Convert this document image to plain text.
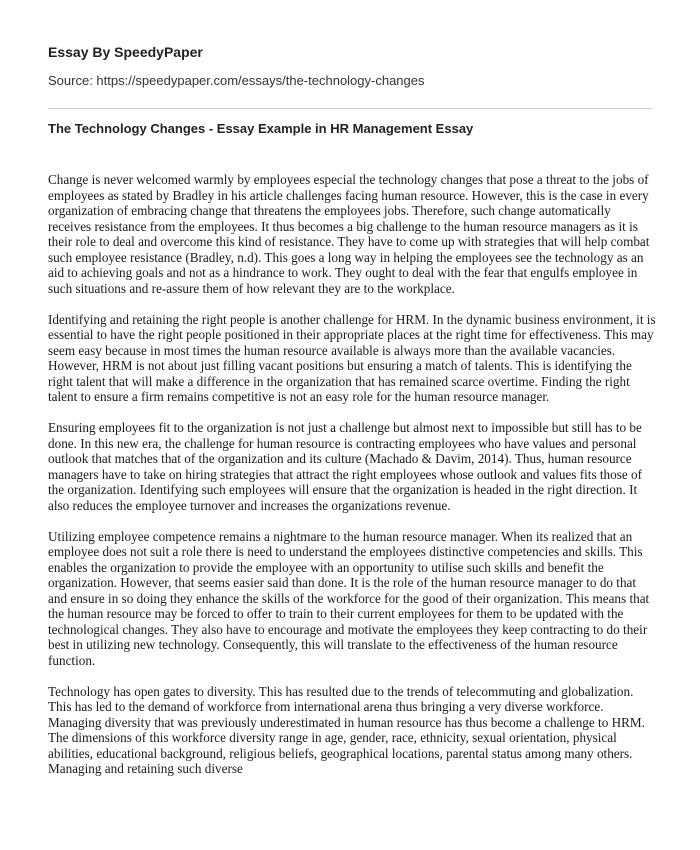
Essay By SpeedyPaper
Source: https://speedypaper.com/essays/the-technology-changes
The Technology Changes - Essay Example in HR Management Essay

Change is never welcomed warmly by employees especial the technology changes that pose a threat to the jobs of employees as stated by Bradley in his article challenges facing human resource. However, this is the case in every organization of embracing change that threatens the employees jobs. Therefore, such change automatically receives resistance from the employees. It thus becomes a big challenge to the human resource managers as it is their role to deal and overcome this kind of resistance. They have to come up with strategies that will help combat such employee resistance (Bradley, n.d). This goes a long way in helping the employees see the technology as an aid to achieving goals and not as a hindrance to work. They ought to deal with the fear that engulfs employee in such situations and re-assure them of how relevant they are to the workplace.

Identifying and retaining the right people is another challenge for HRM. In the dynamic business environment, it is essential to have the right people positioned in their appropriate places at the right time for effectiveness. This may seem easy because in most times the human resource available is always more than the available vacancies. However, HRM is not about just filling vacant positions but ensuring a match of talents. This is identifying the right talent that will make a difference in the organization that has remained scarce overtime. Finding the right talent to ensure a firm remains competitive is not an easy role for the human resource manager.

Ensuring employees fit to the organization is not just a challenge but almost next to impossible but still has to be done. In this new era, the challenge for human resource is contracting employees who have values and personal outlook that matches that of the organization and its culture (Machado & Davim, 2014). Thus, human resource managers have to take on hiring strategies that attract the right employees whose outlook and values fits those of the organization. Identifying such employees will ensure that the organization is headed in the right direction. It also reduces the employee turnover and increases the organizations revenue.

Utilizing employee competence remains a nightmare to the human resource manager. When its realized that an employee does not suit a role there is need to understand the employees distinctive competencies and skills. This enables the organization to provide the employee with an opportunity to utilise such skills and benefit the organization. However, that seems easier said than done. It is the role of the human resource manager to do that and ensure in so doing they enhance the skills of the workforce for the good of their organization. This means that the human resource may be forced to offer to train to their current employees for them to be updated with the technological changes. They also have to encourage and motivate the employees they keep contracting to do their best in utilizing new technology. Consequently, this will translate to the effectiveness of the human resource function.

Technology has open gates to diversity. This has resulted due to the trends of telecommuting and globalization. This has led to the demand of workforce from international arena thus bringing a very diverse workforce. Managing diversity that was previously underestimated in human resource has thus become a challenge to HRM. The dimensions of this workforce diversity range in age, gender, race, ethnicity, sexual orientation, physical abilities, educational background, religious beliefs, geographical locations, parental status among many others. Managing and retaining such diverse
